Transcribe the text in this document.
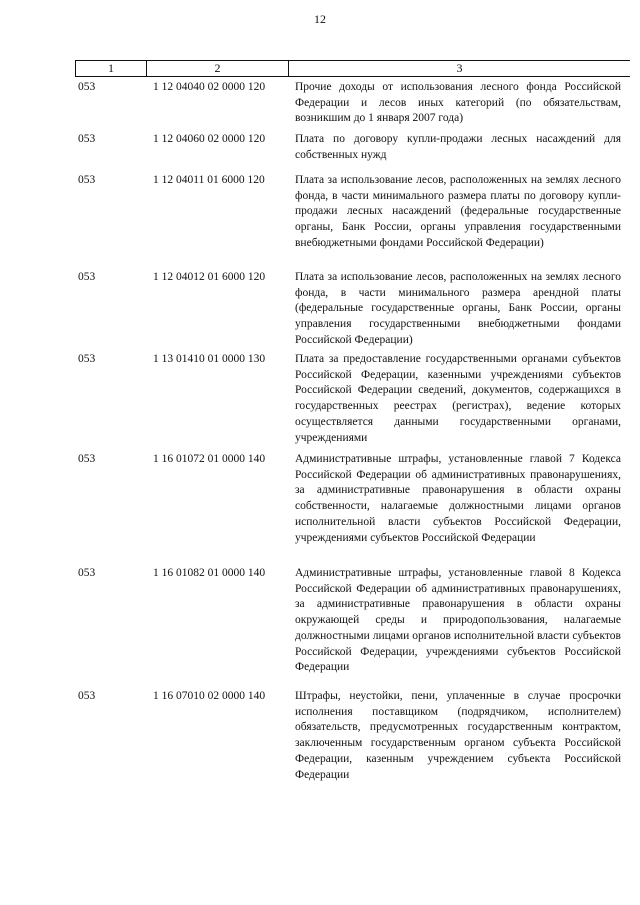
12
1	2	3
053	1 12 04040 02 0000 120	Прочие доходы от использования лесного фонда Российской Федерации и лесов иных категорий (по обязательствам, возникшим до 1 января 2007 года)
053	1 12 04060 02 0000 120	Плата по договору купли-продажи лесных насаждений для собственных нужд
053	1 12 04011 01 6000 120	Плата за использование лесов, расположенных на землях лесного фонда, в части минимального размера платы по договору купли-продажи лесных насаждений (федеральные государственные органы, Банк России, органы управления государственными внебюджетными фондами Российской Федерации)
053	1 12 04012 01 6000 120	Плата за использование лесов, расположенных на землях лесного фонда, в части минимального размера арендной платы (федеральные государственные органы, Банк России, органы управления государственными внебюджетными фондами Российской Федерации)
053	1 13 01410 01 0000 130	Плата за предоставление государственными органами субъектов Российской Федерации, казенными учреждениями субъектов Российской Федерации сведений, документов, содержащихся в государственных реестрах (регистрах), ведение которых осуществляется данными государственными органами, учреждениями
053	1 16 01072 01 0000 140	Административные штрафы, установленные главой 7 Кодекса Российской Федерации об административных правонарушениях, за административные правонарушения в области охраны собственности, налагаемые должностными лицами органов исполнительной власти субъектов Российской Федерации, учреждениями субъектов Российской Федерации
053	1 16 01082 01 0000 140	Административные штрафы, установленные главой 8 Кодекса Российской Федерации об административных правонарушениях, за административные правонарушения в области охраны окружающей среды и природопользования, налагаемые должностными лицами органов исполнительной власти субъектов Российской Федерации, учреждениями субъектов Российской Федерации
053	1 16 07010 02 0000 140	Штрафы, неустойки, пени, уплаченные в случае просрочки исполнения поставщиком (подрядчиком, исполнителем) обязательств, предусмотренных государственным контрактом, заключенным государственным органом субъекта Российской Федерации, казенным учреждением субъекта Российской Федерации
